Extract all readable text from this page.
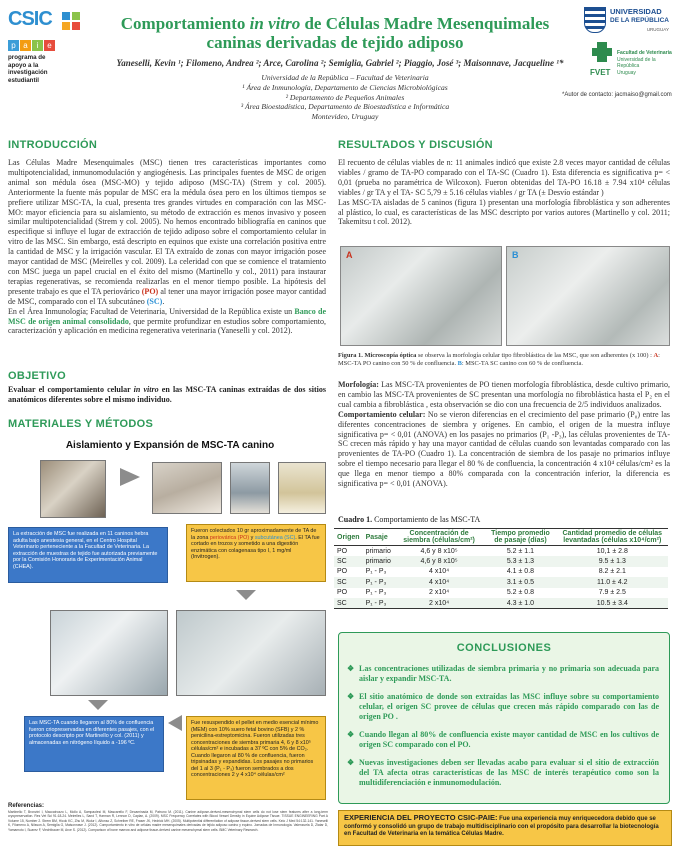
CSIC
p a	i	e
programa de
apoyo a la
investigación
estudiantil
UNIVERSIDAD
DE LA REPÚBLICA
URUGUAY
FVET
Facultad de Veterinaria
Universidad de la República
Uruguay
Comportamiento in vitro de Células Madre Mesenquimales caninas derivadas de tejido adiposo
Yaneselli, Kevin ¹; Filomeno, Andrea ²; Arce, Carolina ²; Semiglia, Gabriel ²; Piaggio, José ³; Maisonnave, Jacqueline ¹*
Universidad de la República – Facultad de Veterinaria
¹ Área de Inmunología, Departamento de Ciencias Microbiológicas
² Departamento de Pequeños Animales
³ Área Bioestadística, Departamento de Bioestadística e Informática
Montevideo, Uruguay
*Autor de contacto: jacmaiso@gmail.com
INTRODUCCIÓN

Las Células Madre Mesenquimales (MSC) tienen tres características importantes como multipotencialidad, inmunomodulación y angiogénesis. Las principales fuentes de MSC de origen animal son médula ósea (MSC-MO) y tejido adiposo (MSC-TA) (Strem y col. 2005). Anteriormente la fuente más popular de MSC era la médula ósea pero en los últimos tiempos se prefiere utilizar MSC-TA, la cual, presenta tres grandes virtudes en comparación con las MSC-MO: mayor eficiencia para su aislamiento, su método de extracción es menos invasivo y poseen similar multipotencialidad (Strem y col. 2005). No hemos encontrado bibliografía en caninos que especifique si influye el lugar de extracción de tejido adiposo sobre el comportamiento celular in vitro de las MSC. Sin embargo, está descripto en equinos que existe una correlación positiva entre la cantidad de MSC y la irrigación vascular. El TA extraído de zonas con mayor irrigación posee mayor cantidad de MSC (Meirelles y col. 2009). La celeridad con que se comience el tratamiento con MSC juega un papel crucial en el éxito del mismo (Martinello y col., 2011) para instaurar terapias regenerativas, se recomienda realizarlas en el menor tiempo posible. La hipótesis del presente trabajo es que el TA periovárico (PO) al tener una mayor irrigación posee mayor cantidad de MSC, comparado con el TA subcutáneo (SC).

En el Área Inmunología; Facultad de Veterinaria, Universidad de la República existe un Banco de MSC de origen animal consolidado, que permite profundizar en estudios sobre comportamiento, caracterización y aplicación en medicina regenerativa veterinaria (Yaneselli y col. 2012).

OBJETIVO
Evaluar el comportamiento celular in vitro en las MSC-TA caninas extraídas de dos sitios anatómicos diferentes sobre el mismo individuo.
MATERIALES Y MÉTODOS
Aislamiento y Expansión de MSC-TA canino
La extracción de MSC fue realizada en 11 caninos hebra adulta bajo anestesia general, en el Centro Hospital Veterinario perteneciente a la Facultad de Veterinaria. La extracción de muestras de tejido fue autorizada previamente por la Comisión Honoraria de Experimentación Animal (CHEA).
Fueron colectados 10 gr aproximadamente de TA de la zona periovárica (PO) y subcutánea (SC). El TA fue cortado en trozos y sometido a una digestión enzimática con colagenasa tipo I, 1 mg/ml (Invitrogen).
Las MSC-TA cuando llegaron al 80% de confluencia fueron criopreservadas en diferentes pasajes, con el protocolo descripto por Martinello y col. (2011) y almacenadas en nitrógeno líquido a -196 ºC.
Fue resuspendido el pellet en medio esencial mínimo (MEM) con 10% suero fetal bovino (SFB) y 2 % penicilina-estreptomicina. Fueron utilizadas tres concentraciones de siembra primaria 4, 6 y 8 x10⁵ células/cm² e incubadas a 37 ºC con 5% de CO₂. Cuando llegaron al 80 % de confluencia, fueron tripsinadas y expandidas. Los pasajes no primarios del 1 al 3 (P₁ - P₃) fueron sembrados a dos concentraciones 2 y 4 x10⁴ células/cm²
Referencias:
Martinello T, Bronzini I, Maccatrozzo L, Mollo A, Sampaolesi M, Mascarello F, Decaminada M, Patruno M. (2011). Canine adipose-derived-mesenchymal stem cells do not lose stem features after a long-term cryopreservation. Res Vet Sci 91:18-24. Meirelles L, Sand T, Harman R, Lennon D, Caplan, A. (2009). MSC Frequency Correlates with Blood Vessel Density in Equine Adipose Tissue. TISSUE ENGINEERING Part A Volume 15, Number 2. Strem BM, Hicok KC, Zhu M, Wulur I, Alfonso Z, Schreiber RE, Fraser JK, Hedrick MH. (2005). Multipotential differentiation of adipose tissue-derived stem cells. Keio J Med 54:132-141. Yaneselli K, Filomeno A, Nilsson A, Semiglia G, Maisonnave J. (2012). Comportamiento in vitro de células madre mesenquimales derivadas de tejido adiposo canino y equino. Jornadas de Inmunología. Valenzuela D, Zlatar D, Yamamoto I, Suarez F, Viechtbauer M, Arce S. (2012). Comparison of bone marrow and adipose tissue-derived canine mesenchymal stem cells. BMC Veterinary Research.
RESULTADOS Y DISCUSIÓN

El recuento de células viables de n: 11 animales indicó que existe 2.8 veces mayor cantidad de células viables / gramo de TA-PO comparado con el TA-SC (Cuadro 1). Esta diferencia es significativa p= < 0,01 (prueba no paramétrica de Wilcoxon). Fueron obtenidas del TA-PO 16.18 ± 7.94 x10⁴ células viables / gr TA y el TA- SC 5,79 ± 5.16 células viables / gr TA (± Desvío estándar )

Las MSC-TA aisladas de 5 caninos (figura 1) presentan una morfología fibroblástica y son adherentes al plástico, lo cual, es características de las MSC descripto por varios autores (Martinello y col. 2011; Takemitsu t col. 2012).

A	B
Figura 1. Microscopía óptica se observa la morfología celular tipo fibroblástica de las MSC, que son adherentes (x 100) : A: MSC-TA PO canino con 50 % de confluencia. B: MSC-TA SC canino con 60 % de confluencia.

Morfología: Las MSC-TA provenientes de PO tienen morfología fibroblástica, desde cultivo primario, en cambio las MSC-TA provenientes de SC presentan una morfología no fibroblástica hasta el P₂ en el cual cambia a fibroblástica , esta observación se dio con una frecuencia de 2/5 individuos analizados.

Comportamiento celular: No se vieron diferencias en el crecimiento del pase primario (P₀) entre las diferentes concentraciones de siembra y orígenes. En cambio, el origen de la muestra influye significativa p= < 0,01 (ANOVA) en los pasajes no primarios (P₁ -P₃), las células provenientes de TA-SC crecen más rápido y hay una mayor cantidad de células cuando son levantadas comparado con las provenientes de TA-PO (Cuadro 1). La concentración de siembra de los pasaje no primarios influye sobre el tiempo necesario para llegar el 80 % de confluencia, la concentración 4 x10⁴ células/cm² es la que llega en menor tiempo a 80% comparada con la concentración inferior, la diferencia es significativa p= < 0,01 (ANOVA).

Cuadro 1. Comportamiento de las MSC-TA
Origen	Pasaje	Concentración de siembra (células/cm²)	Tiempo promedio de pasaje (días)	Cantidad promedio de células levantadas (células x10⁴/cm²)
PO	primario	4,6 y 8 x10⁵	5.2 ± 1.1	10,1 ± 2.8
SC	primario	4,6 y 8 x10⁵	5.3 ± 1.3	9.5 ± 1.3
PO	P₁ - P₃	4 x10⁴	4.1 ± 0.8	8.2 ± 2.1
SC	P₁ - P₃	4 x10⁴	3.1 ± 0.5	11.0 ± 4.2
PO	P₁ - P₃	2 x10⁴	5.2 ± 0.8	7.9 ± 2.5
SC	P₁ - P₃	2 x10⁴	4.3 ± 1.0	10.5 ± 3.4
CONCLUSIONES
❖ Las concentraciones utilizadas de siembra primaria y no primaria son adecuada para aislar y expandir MSC-TA.
❖ El sitio anatómico de donde son extraídas las MSC influye sobre su comportamiento celular, el origen SC provee de células que crecen más rápido comparado con las de origen PO .
❖ Cuando llegan al 80% de confluencia existe mayor cantidad de MSC en los cultivos de origen SC comparado con el PO.
❖ Nuevas investigaciones deben ser llevadas acabo para evaluar si el sitio de extracción del TA afecta otras características de las MSC de interés terapéutico como son la multidiferenciación e inmunomodulación.
EXPERIENCIA DEL PROYECTO CSIC-PAIE: Fue una experiencia muy enriquecedora debido que se conformó y consolidó un grupo de trabajo multidisciplinario con el propósito para desarrollar la biotecnología en Facultad de Veterinaria en la temática Células Madre.
